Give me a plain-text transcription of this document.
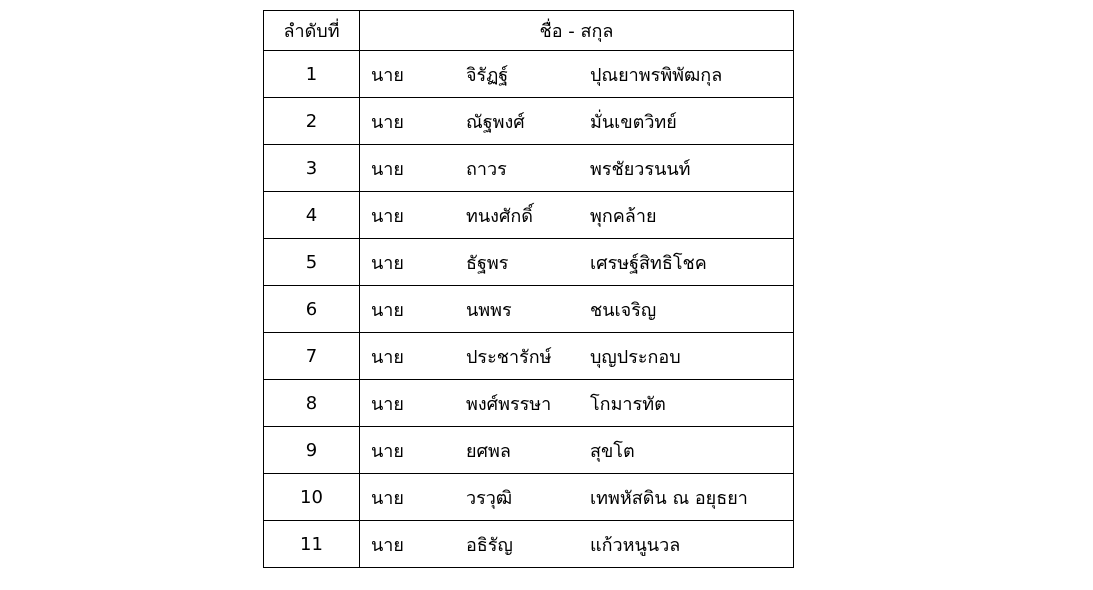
ลำดับที่	ชื่อ - สกุล
1	นาย จิรัฏฐ์ ปุณยาพรพิพัฒกุล

2	นาย ณัฐพงศ์ มั่นเขตวิทย์

3	นาย ถาวร พรชัยวรนนท์

4	นาย ทนงศักดิ์ พุกคล้าย

5	นาย ธัฐพร เศรษฐ์สิทธิโชค

6	นาย นพพร ชนเจริญ

7	นาย ประชารักษ์ บุญประกอบ

8	นาย พงศ์พรรษา โกมารทัต

9	นาย ยศพล สุขโต

10	นาย วรวุฒิ เทพหัสดิน ณ อยุธยา

11	นาย อธิรัญ แก้วหนูนวล
